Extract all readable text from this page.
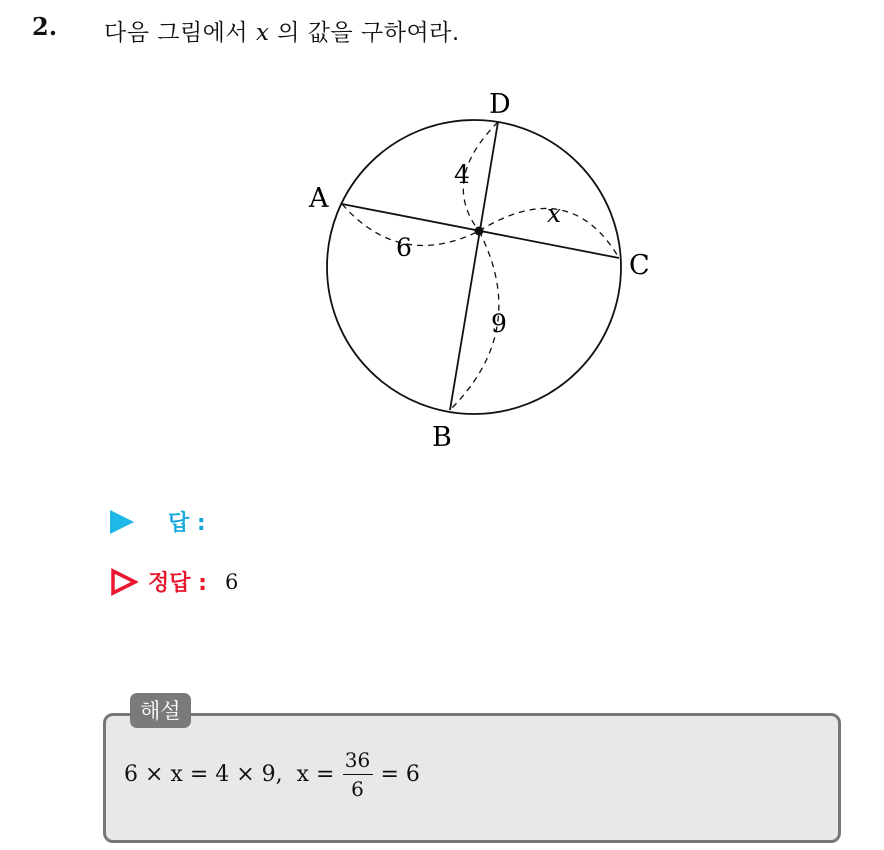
2. 다음 그림에서 x 의 값을 구하여라.
A
B
C
D
6
4
9
x
답 :
정답 : 6
해설
6 × x = 4 × 9, $x = \frac{36}{6} = 6$
